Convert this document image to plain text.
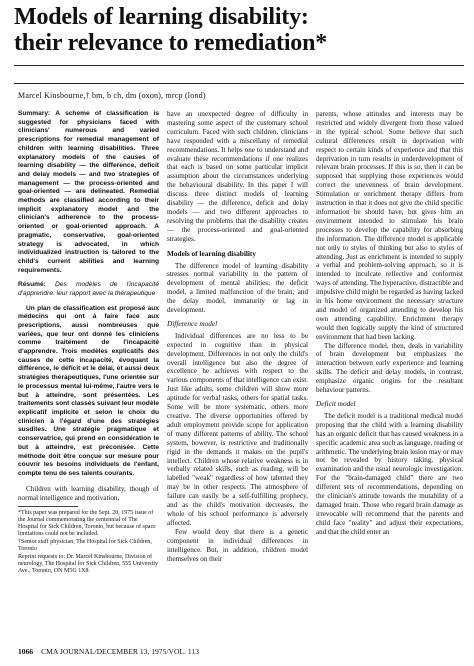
Models of learning disability:
their relevance to remediation*
Marcel Kinsbourne,† bm, b ch, dm (oxon), mrcp (lond)

Summary: A scheme of classification is suggested for physicians faced with clinicians' numerous and varied prescriptions for remedial management of children with learning disabilities. Three explanatory models of the causes of learning disability — the difference, deficit and delay models — and two strategies of management — the process-oriented and goal-oriented — are delineated. Remedial methods are classified according to their implicit explanatory model and the clinician's adherence to the process-oriented or goal-oriented approach. A pragmatic, conservative, goal-oriented strategy is advocated, in which individualized instruction is tailored to the child's current abilities and learning requirements.

Résumé: Des modèles de l'incapacité d'apprendre: leur rapport avec la thérapeutique

Un plan de classification est proposé aux médecins qui ont à faire face aux prescriptions, aussi nombreuses que variées, que leur ont donné les cliniciens comme traitement de l'incapacité d'apprendre. Trois modèles explicatifs des causes de cette incapacité, évoquant la différence, le déficit et le délai, et aussi deux stratégies thérapeutiques, l'une orientée sur le processus mental lui-même, l'autre vers le but à atteindre, sont présentées. Les traitements sont classés suivant leur modèle explicatif implicite et selon le choix du clinicien à l'égard d'une des stratégies susdites. Une stratégie pragmatique et conservatrice, qui prend en considération le but à atteindre, est préconisée. Cette méthode doit être conçue sur mesure pour couvrir les besoins individuels de l'enfant, compte tenu de ses talents courants.

Children with learning disability, though of normal intelligence and motivation,

*This paper was prepared for the Sept. 20, 1975 issue of the Journal commemorating the centennial of The Hospital for Sick Children, Toronto, but because of space limitations could not be included.

†Senior staff physician, The Hospital for Sick Children, Toronto

Reprint requests to: Dr. Marcel Kinsbourne, Division of neurology, The Hospital for Sick Children, 555 University Ave., Toronto, ON M5G 1X8

have an unexpected degree of difficulty in mastering some aspect of the customary school curriculum. Faced with such children, clinicians have responded with a miscellany of remedial recommendations. It helps one to understand and evaluate these recommendations if one realizes that each is based on some particular implicit assumption about the circumstances underlying the behavioural disability. In this paper I will discuss three distinct models of learning disability — the difference, deficit and delay models — and two different approaches to resolving the problems that the disability creates — the process-oriented and goal-oriented strategies.

Models of learning disability

The difference model of learning disability stresses normal variability in the pattern of development of mental abilities; the deficit model, a limited malfunction of the brain; and the delay model, immaturity or lag in development.

Difference model

Individual differences are no less to be expected in cognitive than in physical development. Differences in not only the child's overall intelligence but also the degree of excellence he achieves with respect to the various components of that intelligence can exist. Just like adults, some children will show more aptitude for verbal tasks, others for spatial tasks. Some will be more systematic, others more creative. The diverse opportunities offered by adult employment provide scope for application of many different patterns of ability. The school system, however, is restrictive and traditionally rigid in the demands it makes on the pupil's intellect. Children whose relative weakness is in verbally related skills, such as reading, will be labelled "weak" regardless of how talented they may be in other respects. The atmosphere of failure can easily be a self-fulfilling prophecy, and as the child's motivation decreases, the whole of his school performance is adversely affected.

Few would deny that there is a genetic component in individual differences in intelligence. But, in addition, children model themselves on their

parents, whose attitudes and interests may be restricted and widely divergent from those valued in the typical school. Some believe that such cultural differences result in deprivation with respect to certain kinds of experience and that this deprivation in turn results in underdevelopment of relevant brain processes. If this is so, then it can be supposed that supplying those experiences would correct the unevenness of brain development. Stimulation or enrichment therapy differs from instruction in that it does not give the child specific information he should have, but gives him an environment intended to stimulate his brain processes to develop the capability for absorbing the information. The difference model is applicable not only to styles of thinking but also to styles of attending. Just as enrichment is intended to supply a verbal and problem-solving approach, so it is intended to inculcate reflective and conformist ways of attending. The hyperactive, distractible and impulsive child might be regarded as having lacked in his home environment the necessary structure and model of organized attending to develop his own attending capability. Enrichment therapy would then logically supply the kind of structured environment that had been lacking.

The difference model, then, deals in variability of brain development but emphasizes the interaction between early experience and learning skills. The deficit and delay models, in contrast, emphasize organic origins for the resultant behaviour patterns.

Deficit model

The deficit model is a traditional medical model proposing that the child with a learning disability has an organic deficit that has caused weakness in a specific academic area such as language, reading or arithmetic. The underlying brain lesion may or may not be revealed by history taking, physical examination and the usual neurologic investigation. For the "brain-damaged child" there are two different sets of recommendations, depending on the clinician's attitude towards the mutability of a damaged brain. Those who regard brain damage as irrevocable will recommend that the parents and child face "reality" and adjust their expectations, and that the child enter an

1066 CMA JOURNAL/DECEMBER 13, 1975/VOL. 113
